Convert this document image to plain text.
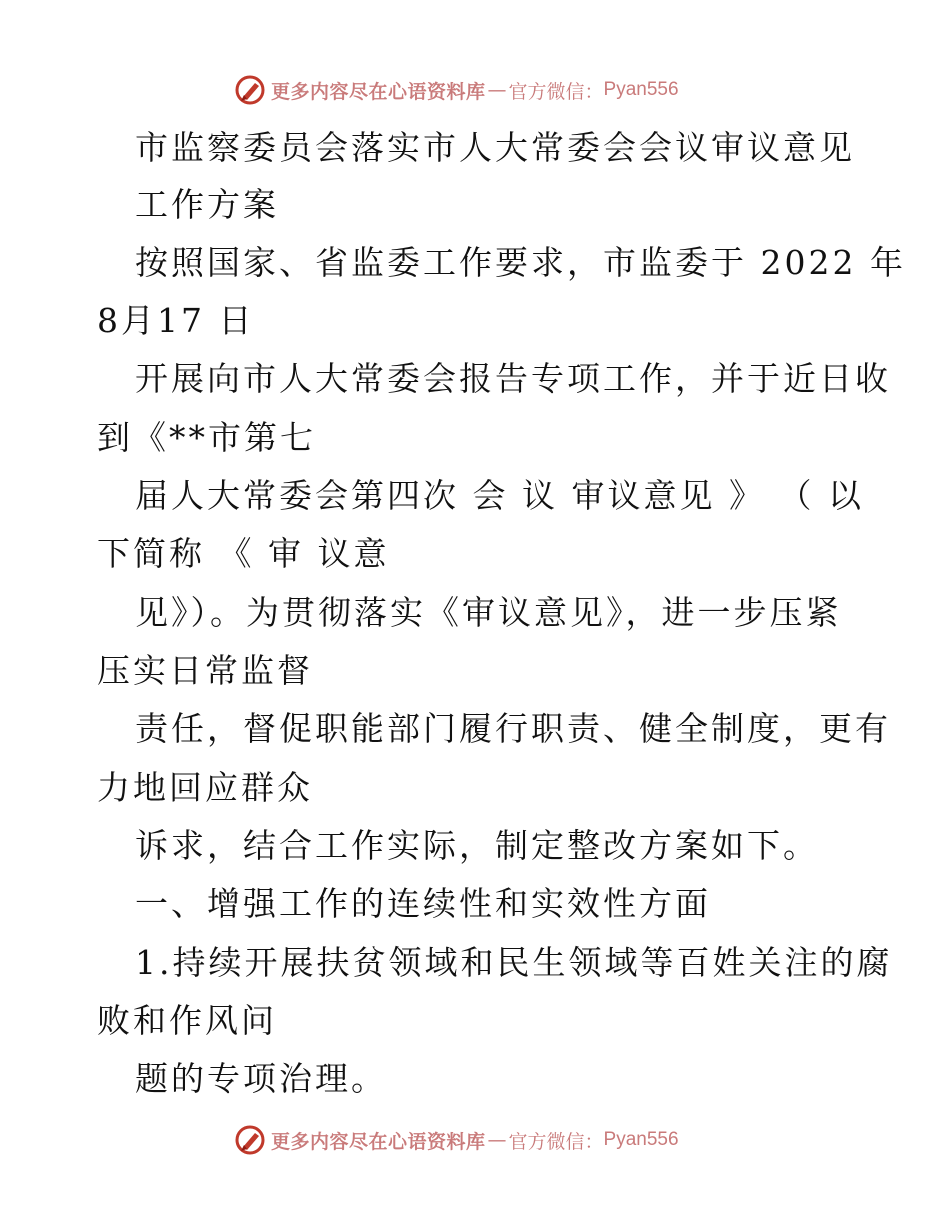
更多内容尽在心语资料库 — 官方微信： Pyan556
市监察委员会落实市人大常委会会议审议意见
工作方案
按照国家、省监委工作要求，市监委于 2022 年
8月17 日
开展向市人大常委会报告专项工作，并于近日收
到《**市第七
届人大常委会第四次 会 议 审议意见 》 （ 以
下简称 《 审 议意
见》）。为贯彻落实《审议意见》，进一步压紧
压实日常监督
责任，督促职能部门履行职责、健全制度，更有
力地回应群众
诉求，结合工作实际，制定整改方案如下。
一、增强工作的连续性和实效性方面
1.持续开展扶贫领域和民生领域等百姓关注的腐
败和作风问
题的专项治理。
更多内容尽在心语资料库 — 官方微信： Pyan556
